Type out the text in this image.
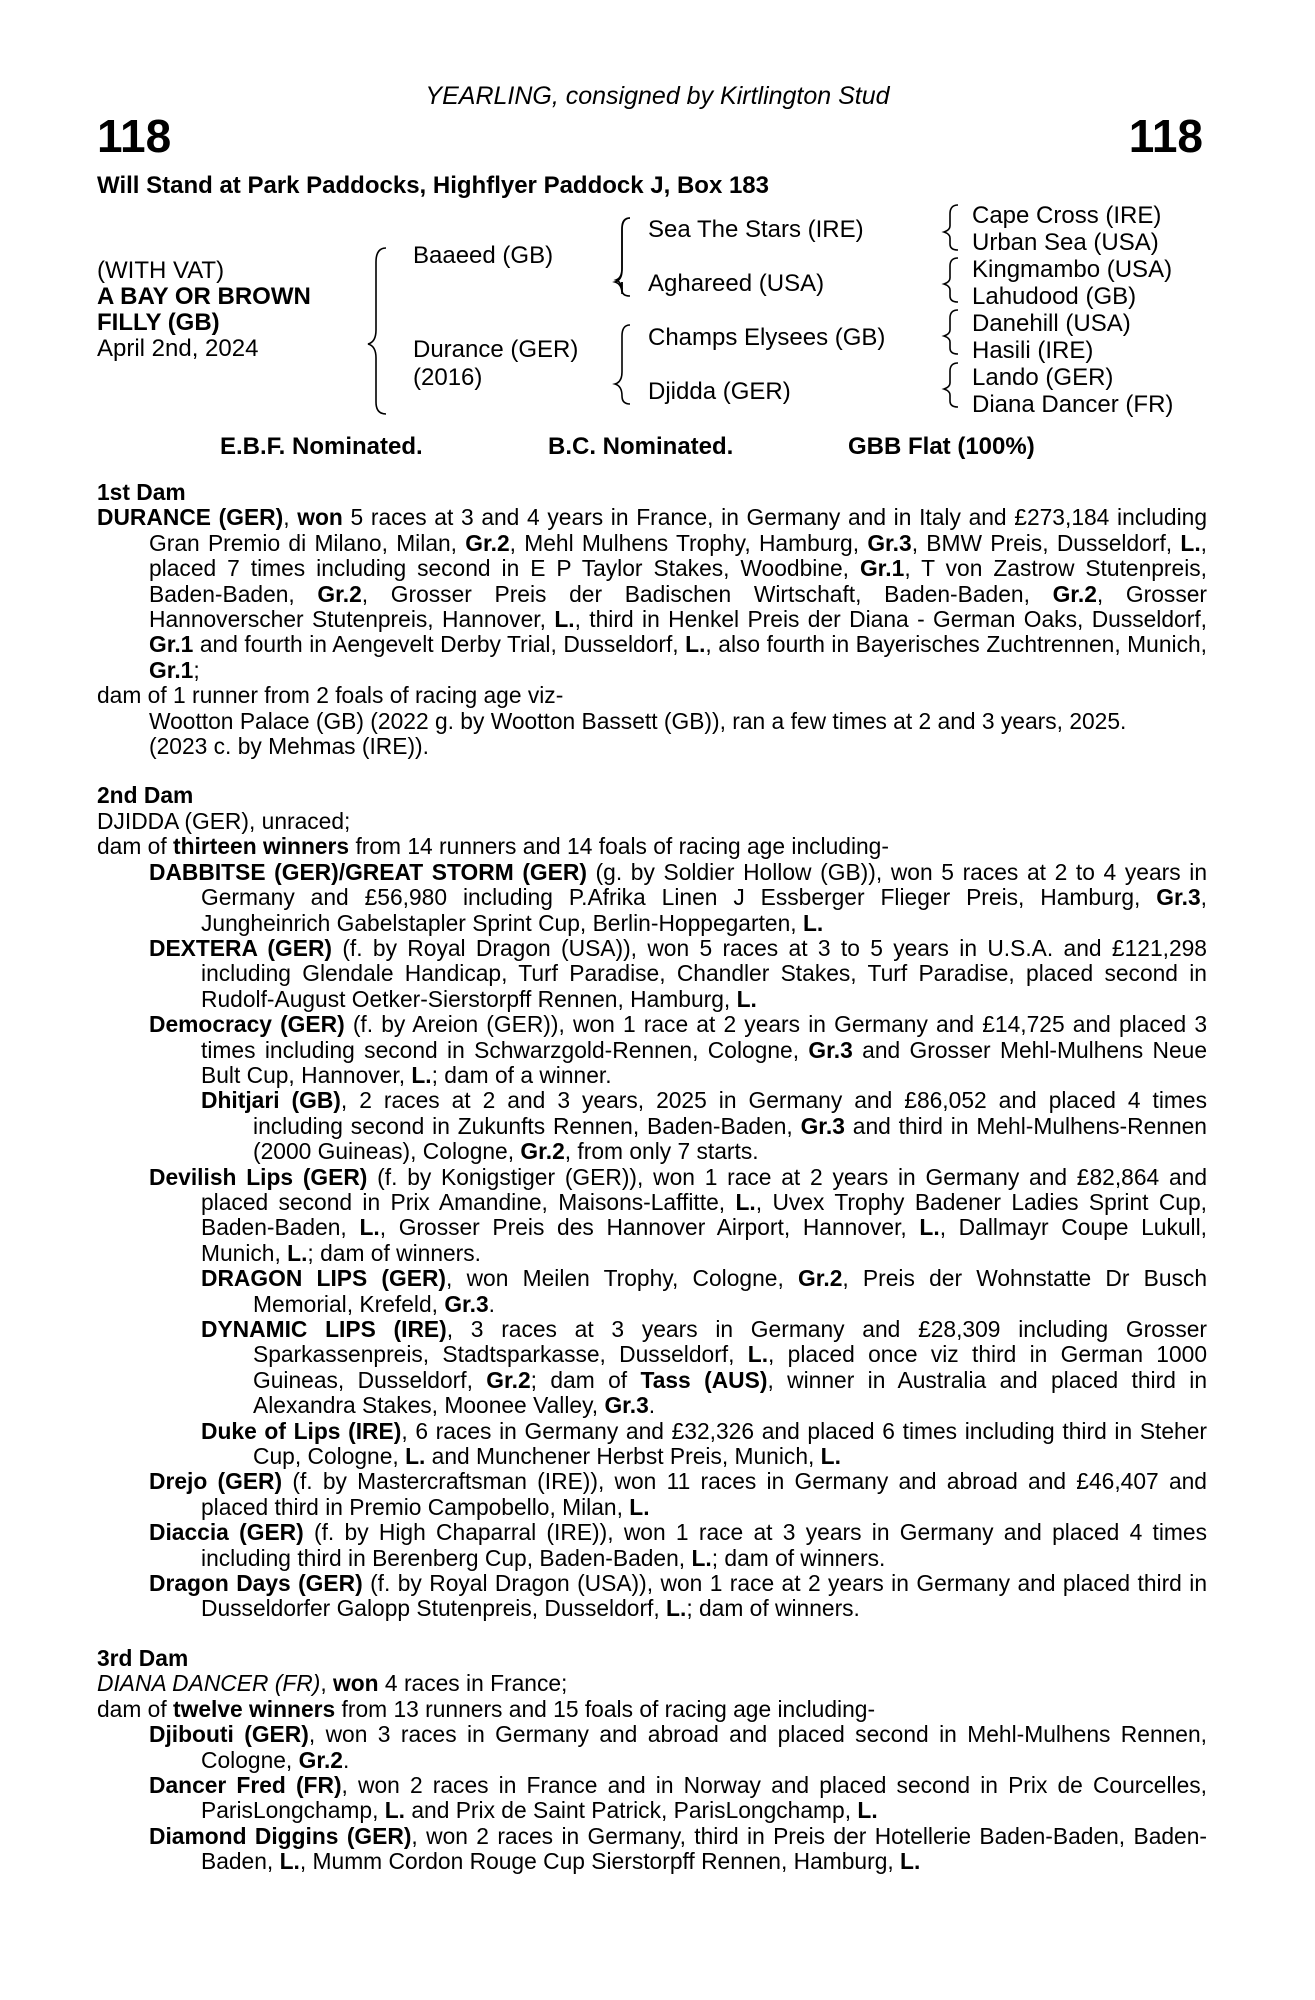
YEARLING, consigned by Kirtlington Stud
118	118
Will Stand at Park Paddocks, Highflyer Paddock J, Box 183
(WITH VAT)
A BAY OR BROWN
FILLY (GB)
April 2nd, 2024
Baaeed (GB)
Durance (GER)
(2016)
Sea The Stars (IRE)
Aghareed (USA)
Champs Elysees (GB)
Djidda (GER)
Cape Cross (IRE)
Urban Sea (USA)
Kingmambo (USA)
Lahudood (GB)
Danehill (USA)
Hasili (IRE)
Lando (GER)
Diana Dancer (FR)
E.B.F. Nominated.	B.C. Nominated.	GBB Flat (100%)
1st Dam
DURANCE (GER), won 5 races at 3 and 4 years in France, in Germany and in Italy and £273,184 including Gran Premio di Milano, Milan, Gr.2, Mehl Mulhens Trophy, Hamburg, Gr.3, BMW Preis, Dusseldorf, L., placed 7 times including second in E P Taylor Stakes, Woodbine, Gr.1, T von Zastrow Stutenpreis, Baden-Baden, Gr.2, Grosser Preis der Badischen Wirtschaft, Baden-Baden, Gr.2, Grosser Hannoverscher Stutenpreis, Hannover, L., third in Henkel Preis der Diana - German Oaks, Dusseldorf, Gr.1 and fourth in Aengevelt Derby Trial, Dusseldorf, L., also fourth in Bayerisches Zuchtrennen, Munich, Gr.1;
dam of 1 runner from 2 foals of racing age viz-
Wootton Palace (GB) (2022 g. by Wootton Bassett (GB)), ran a few times at 2 and 3 years, 2025.
(2023 c. by Mehmas (IRE)).
2nd Dam
DJIDDA (GER), unraced;
dam of thirteen winners from 14 runners and 14 foals of racing age including-
DABBITSE (GER)/GREAT STORM (GER) (g. by Soldier Hollow (GB)), won 5 races at 2 to 4 years in Germany and £56,980 including P.Afrika Linen J Essberger Flieger Preis, Hamburg, Gr.3, Jungheinrich Gabelstapler Sprint Cup, Berlin-Hoppegarten, L.
DEXTERA (GER) (f. by Royal Dragon (USA)), won 5 races at 3 to 5 years in U.S.A. and £121,298 including Glendale Handicap, Turf Paradise, Chandler Stakes, Turf Paradise, placed second in Rudolf-August Oetker-Sierstorpff Rennen, Hamburg, L.
Democracy (GER) (f. by Areion (GER)), won 1 race at 2 years in Germany and £14,725 and placed 3 times including second in Schwarzgold-Rennen, Cologne, Gr.3 and Grosser Mehl-Mulhens Neue Bult Cup, Hannover, L.; dam of a winner.
Dhitjari (GB), 2 races at 2 and 3 years, 2025 in Germany and £86,052 and placed 4 times including second in Zukunfts Rennen, Baden-Baden, Gr.3 and third in Mehl-Mulhens-Rennen (2000 Guineas), Cologne, Gr.2, from only 7 starts.
Devilish Lips (GER) (f. by Konigstiger (GER)), won 1 race at 2 years in Germany and £82,864 and placed second in Prix Amandine, Maisons-Laffitte, L., Uvex Trophy Badener Ladies Sprint Cup, Baden-Baden, L., Grosser Preis des Hannover Airport, Hannover, L., Dallmayr Coupe Lukull, Munich, L.; dam of winners.
DRAGON LIPS (GER), won Meilen Trophy, Cologne, Gr.2, Preis der Wohnstatte Dr Busch Memorial, Krefeld, Gr.3.
DYNAMIC LIPS (IRE), 3 races at 3 years in Germany and £28,309 including Grosser Sparkassenpreis, Stadtsparkasse, Dusseldorf, L., placed once viz third in German 1000 Guineas, Dusseldorf, Gr.2; dam of Tass (AUS), winner in Australia and placed third in Alexandra Stakes, Moonee Valley, Gr.3.
Duke of Lips (IRE), 6 races in Germany and £32,326 and placed 6 times including third in Steher Cup, Cologne, L. and Munchener Herbst Preis, Munich, L.
Drejo (GER) (f. by Mastercraftsman (IRE)), won 11 races in Germany and abroad and £46,407 and placed third in Premio Campobello, Milan, L.
Diaccia (GER) (f. by High Chaparral (IRE)), won 1 race at 3 years in Germany and placed 4 times including third in Berenberg Cup, Baden-Baden, L.; dam of winners.
Dragon Days (GER) (f. by Royal Dragon (USA)), won 1 race at 2 years in Germany and placed third in Dusseldorfer Galopp Stutenpreis, Dusseldorf, L.; dam of winners.
3rd Dam
DIANA DANCER (FR), won 4 races in France;
dam of twelve winners from 13 runners and 15 foals of racing age including-
Djibouti (GER), won 3 races in Germany and abroad and placed second in Mehl-Mulhens Rennen, Cologne, Gr.2.
Dancer Fred (FR), won 2 races in France and in Norway and placed second in Prix de Courcelles, ParisLongchamp, L. and Prix de Saint Patrick, ParisLongchamp, L.
Diamond Diggins (GER), won 2 races in Germany, third in Preis der Hotellerie Baden-Baden, Baden-Baden, L., Mumm Cordon Rouge Cup Sierstorpff Rennen, Hamburg, L.
